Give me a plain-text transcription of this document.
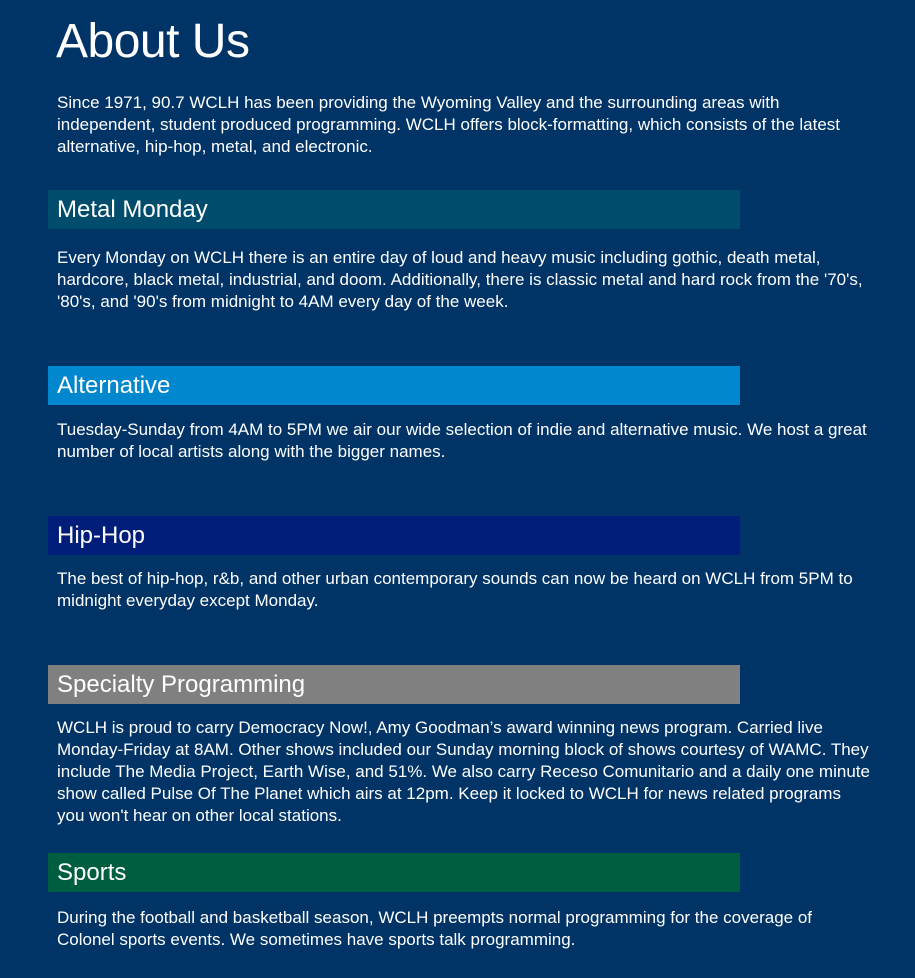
About Us

Since 1971, 90.7 WCLH has been providing the Wyoming Valley and the surrounding areas with independent, student produced programming. WCLH offers block-formatting, which consists of the latest alternative, hip-hop, metal, and electronic.

Metal Monday

Every Monday on WCLH there is an entire day of loud and heavy music including gothic, death metal, hardcore, black metal, industrial, and doom. Additionally, there is classic metal and hard rock from the '70's, '80's, and '90's from midnight to 4AM every day of the week.

Alternative

Tuesday-Sunday from 4AM to 5PM we air our wide selection of indie and alternative music. We host a great number of local artists along with the bigger names.

Hip-Hop

The best of hip-hop, r&b, and other urban contemporary sounds can now be heard on WCLH from 5PM to midnight everyday except Monday.

Specialty Programming

WCLH is proud to carry Democracy Now!, Amy Goodman’s award winning news program. Carried live Monday-Friday at 8AM. Other shows included our Sunday morning block of shows courtesy of WAMC. They include The Media Project, Earth Wise, and 51%. We also carry Receso Comunitario and a daily one minute show called Pulse Of The Planet which airs at 12pm. Keep it locked to WCLH for news related programs you won't hear on other local stations.

Sports

During the football and basketball season, WCLH preempts normal programming for the coverage of Colonel sports events. We sometimes have sports talk programming.
